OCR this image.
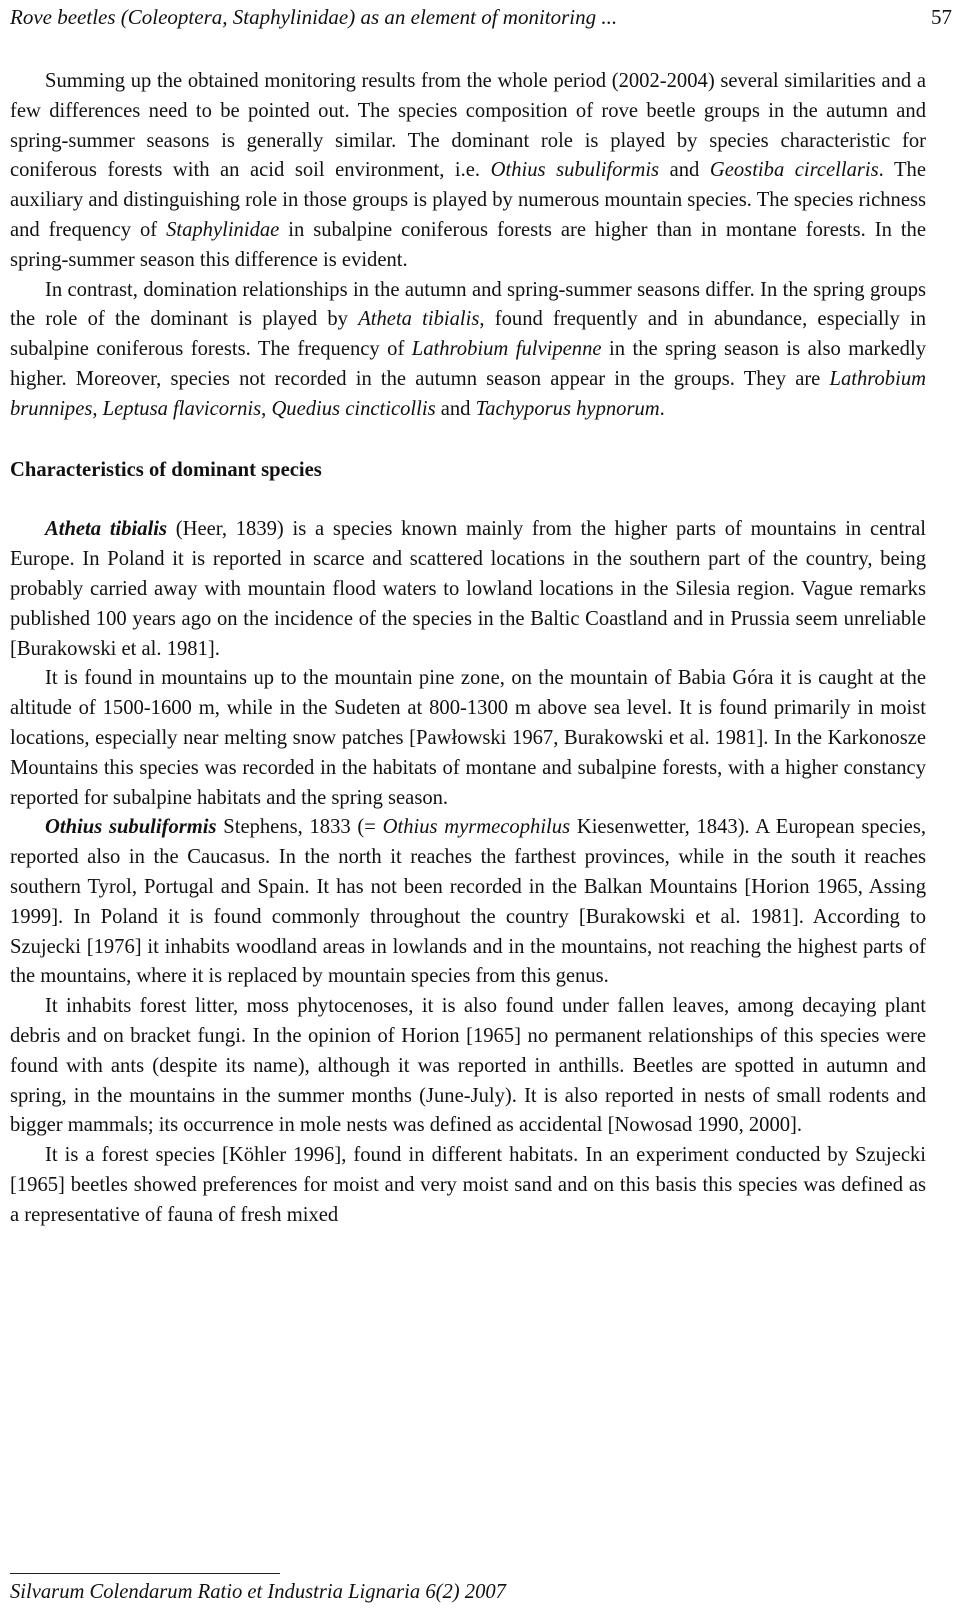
Rove beetles (Coleoptera, Staphylinidae) as an element of monitoring ...	57

Summing up the obtained monitoring results from the whole period (2002-2004) several similarities and a few differences need to be pointed out. The species composition of rove beetle groups in the autumn and spring-summer seasons is generally similar. The dominant role is played by species characteristic for coniferous forests with an acid soil environment, i.e. Othius subuliformis and Geostiba circellaris. The auxiliary and distinguishing role in those groups is played by numerous mountain species. The species richness and frequency of Staphylinidae in subalpine coniferous forests are higher than in montane forests. In the spring-summer season this difference is evident.

In contrast, domination relationships in the autumn and spring-summer seasons differ. In the spring groups the role of the dominant is played by Atheta tibialis, found frequently and in abundance, especially in subalpine coniferous forests. The frequency of Lathrobium fulvipenne in the spring season is also markedly higher. Moreover, species not recorded in the autumn season appear in the groups. They are Lathrobium brunnipes, Leptusa flavicornis, Quedius cincticollis and Tachyporus hypnorum.

Characteristics of dominant species

Atheta tibialis (Heer, 1839) is a species known mainly from the higher parts of mountains in central Europe. In Poland it is reported in scarce and scattered locations in the southern part of the country, being probably carried away with mountain flood waters to lowland locations in the Silesia region. Vague remarks published 100 years ago on the incidence of the species in the Baltic Coastland and in Prussia seem unreliable [Burakowski et al. 1981].

It is found in mountains up to the mountain pine zone, on the mountain of Babia Góra it is caught at the altitude of 1500-1600 m, while in the Sudeten at 800-1300 m above sea level. It is found primarily in moist locations, especially near melting snow patches [Pawłowski 1967, Burakowski et al. 1981]. In the Karkonosze Mountains this species was recorded in the habitats of montane and subalpine forests, with a higher constancy reported for subalpine habitats and the spring season.

Othius subuliformis Stephens, 1833 (= Othius myrmecophilus Kiesenwetter, 1843). A European species, reported also in the Caucasus. In the north it reaches the farthest provinces, while in the south it reaches southern Tyrol, Portugal and Spain. It has not been recorded in the Balkan Mountains [Horion 1965, Assing 1999]. In Poland it is found commonly throughout the country [Burakowski et al. 1981]. According to Szujecki [1976] it inhabits woodland areas in lowlands and in the mountains, not reaching the highest parts of the mountains, where it is replaced by mountain species from this genus.

It inhabits forest litter, moss phytocenoses, it is also found under fallen leaves, among decaying plant debris and on bracket fungi. In the opinion of Horion [1965] no permanent relationships of this species were found with ants (despite its name), although it was reported in anthills. Beetles are spotted in autumn and spring, in the mountains in the summer months (June-July). It is also reported in nests of small rodents and bigger mammals; its occurrence in mole nests was defined as accidental [Nowosad 1990, 2000].

It is a forest species [Köhler 1996], found in different habitats. In an experiment conducted by Szujecki [1965] beetles showed preferences for moist and very moist sand and on this basis this species was defined as a representative of fauna of fresh mixed

Silvarum Colendarum Ratio et Industria Lignaria 6(2) 2007
